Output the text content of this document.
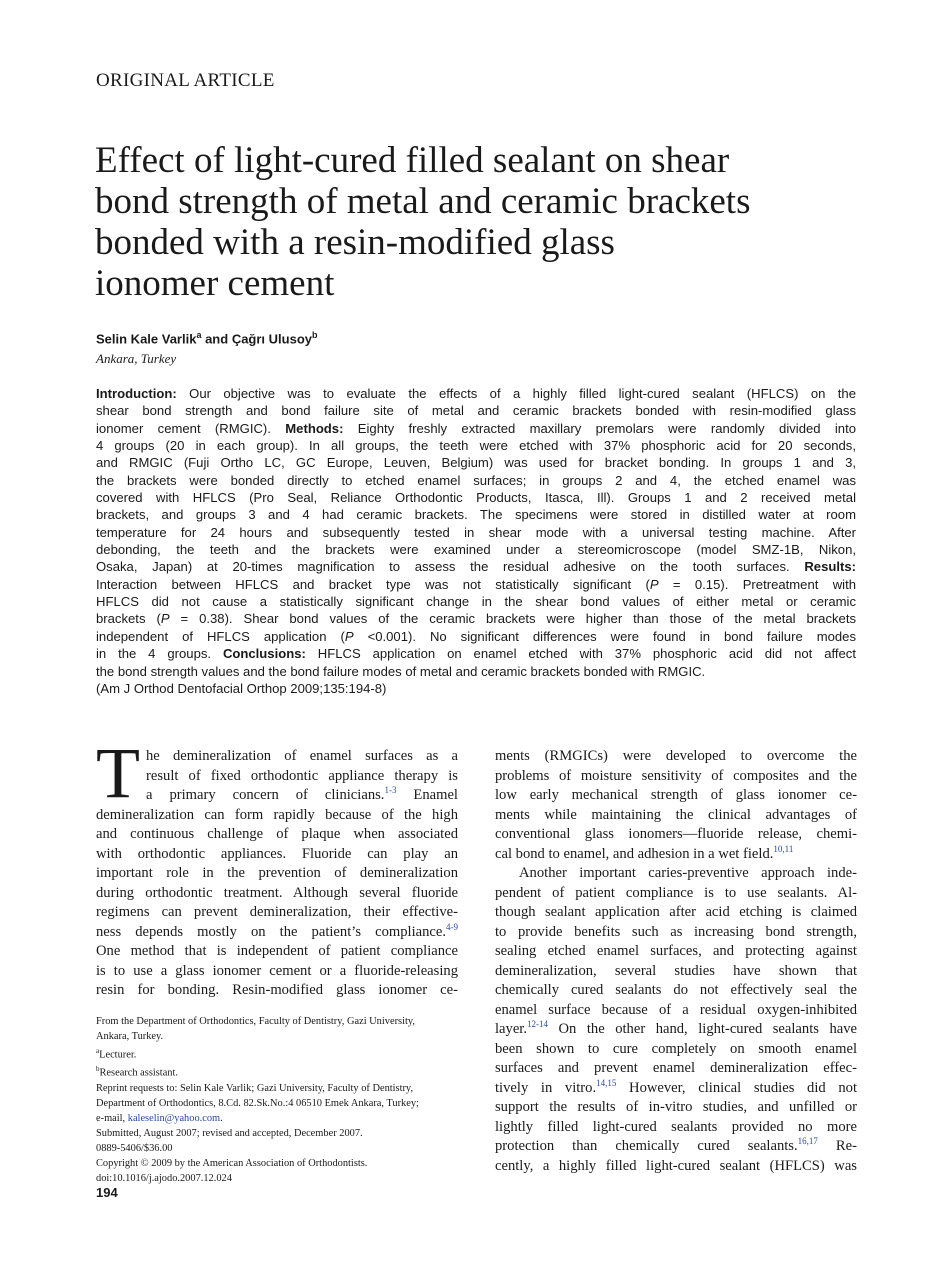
ORIGINAL ARTICLE
Effect of light-cured filled sealant on shear
bond strength of metal and ceramic brackets
bonded with a resin-modified glass
ionomer cement
Selin Kale Varlik$^a$ and Çağrı Ulusoy$^b$
Ankara, Turkey
Introduction: Our objective was to evaluate the effects of a highly filled light-cured sealant (HFLCS) on the
shear bond strength and bond failure site of metal and ceramic brackets bonded with resin-modified glass
ionomer cement (RMGIC). Methods: Eighty freshly extracted maxillary premolars were randomly divided into
4 groups (20 in each group). In all groups, the teeth were etched with 37% phosphoric acid for 20 seconds,
and RMGIC (Fuji Ortho LC, GC Europe, Leuven, Belgium) was used for bracket bonding. In groups 1 and 3,
the brackets were bonded directly to etched enamel surfaces; in groups 2 and 4, the etched enamel was
covered with HFLCS (Pro Seal, Reliance Orthodontic Products, Itasca, Ill). Groups 1 and 2 received metal
brackets, and groups 3 and 4 had ceramic brackets. The specimens were stored in distilled water at room
temperature for 24 hours and subsequently tested in shear mode with a universal testing machine. After
debonding, the teeth and the brackets were examined under a stereomicroscope (model SMZ-1B, Nikon,
Osaka, Japan) at 20-times magnification to assess the residual adhesive on the tooth surfaces. Results:
Interaction between HFLCS and bracket type was not statistically significant (P = 0.15). Pretreatment with
HFLCS did not cause a statistically significant change in the shear bond values of either metal or ceramic
brackets (P = 0.38). Shear bond values of the ceramic brackets were higher than those of the metal brackets
independent of HFLCS application (P <0.001). No significant differences were found in bond failure modes
in the 4 groups. Conclusions: HFLCS application on enamel etched with 37% phosphoric acid did not affect
the bond strength values and the bond failure modes of metal and ceramic brackets bonded with RMGIC.
(Am J Orthod Dentofacial Orthop 2009;135:194-8)
T he demineralization of enamel surfaces as a
result of fixed orthodontic appliance therapy is
a primary concern of clinicians.$^{1-3}$ Enamel
demineralization can form rapidly because of the high
and continuous challenge of plaque when associated
with orthodontic appliances. Fluoride can play an
important role in the prevention of demineralization
during orthodontic treatment. Although several fluoride
regimens can prevent demineralization, their effective-
ness depends mostly on the patient’s compliance.$^{4-9}$
One method that is independent of patient compliance
is to use a glass ionomer cement or a fluoride-releasing
resin for bonding. Resin-modified glass ionomer ce-
ments (RMGICs) were developed to overcome the
problems of moisture sensitivity of composites and the
low early mechanical strength of glass ionomer ce-
ments while maintaining the clinical advantages of
conventional glass ionomers—fluoride release, chemi-
cal bond to enamel, and adhesion in a wet field.$^{10,11}$
Another important caries-preventive approach inde-
pendent of patient compliance is to use sealants. Al-
though sealant application after acid etching is claimed
to provide benefits such as increasing bond strength,
sealing etched enamel surfaces, and protecting against
demineralization, several studies have shown that
chemically cured sealants do not effectively seal the
enamel surface because of a residual oxygen-inhibited
layer.$^{12-14}$ On the other hand, light-cured sealants have
been shown to cure completely on smooth enamel
surfaces and prevent enamel demineralization effec-
tively in vitro.$^{14,15}$ However, clinical studies did not
support the results of in-vitro studies, and unfilled or
lightly filled light-cured sealants provided no more
protection than chemically cured sealants.$^{16,17}$ Re-
cently, a highly filled light-cured sealant (HFLCS) was
From the Department of Orthodontics, Faculty of Dentistry, Gazi University,
Ankara, Turkey.
$^a$Lecturer.
$^b$Research assistant.
Reprint requests to: Selin Kale Varlik; Gazi University, Faculty of Dentistry,
Department of Orthodontics, 8.Cd. 82.Sk.No.:4 06510 Emek Ankara, Turkey;
e-mail, kaleselin@yahoo.com.
Submitted, August 2007; revised and accepted, December 2007.
0889-5406/$36.00
Copyright © 2009 by the American Association of Orthodontists.
doi:10.1016/j.ajodo.2007.12.024
194
